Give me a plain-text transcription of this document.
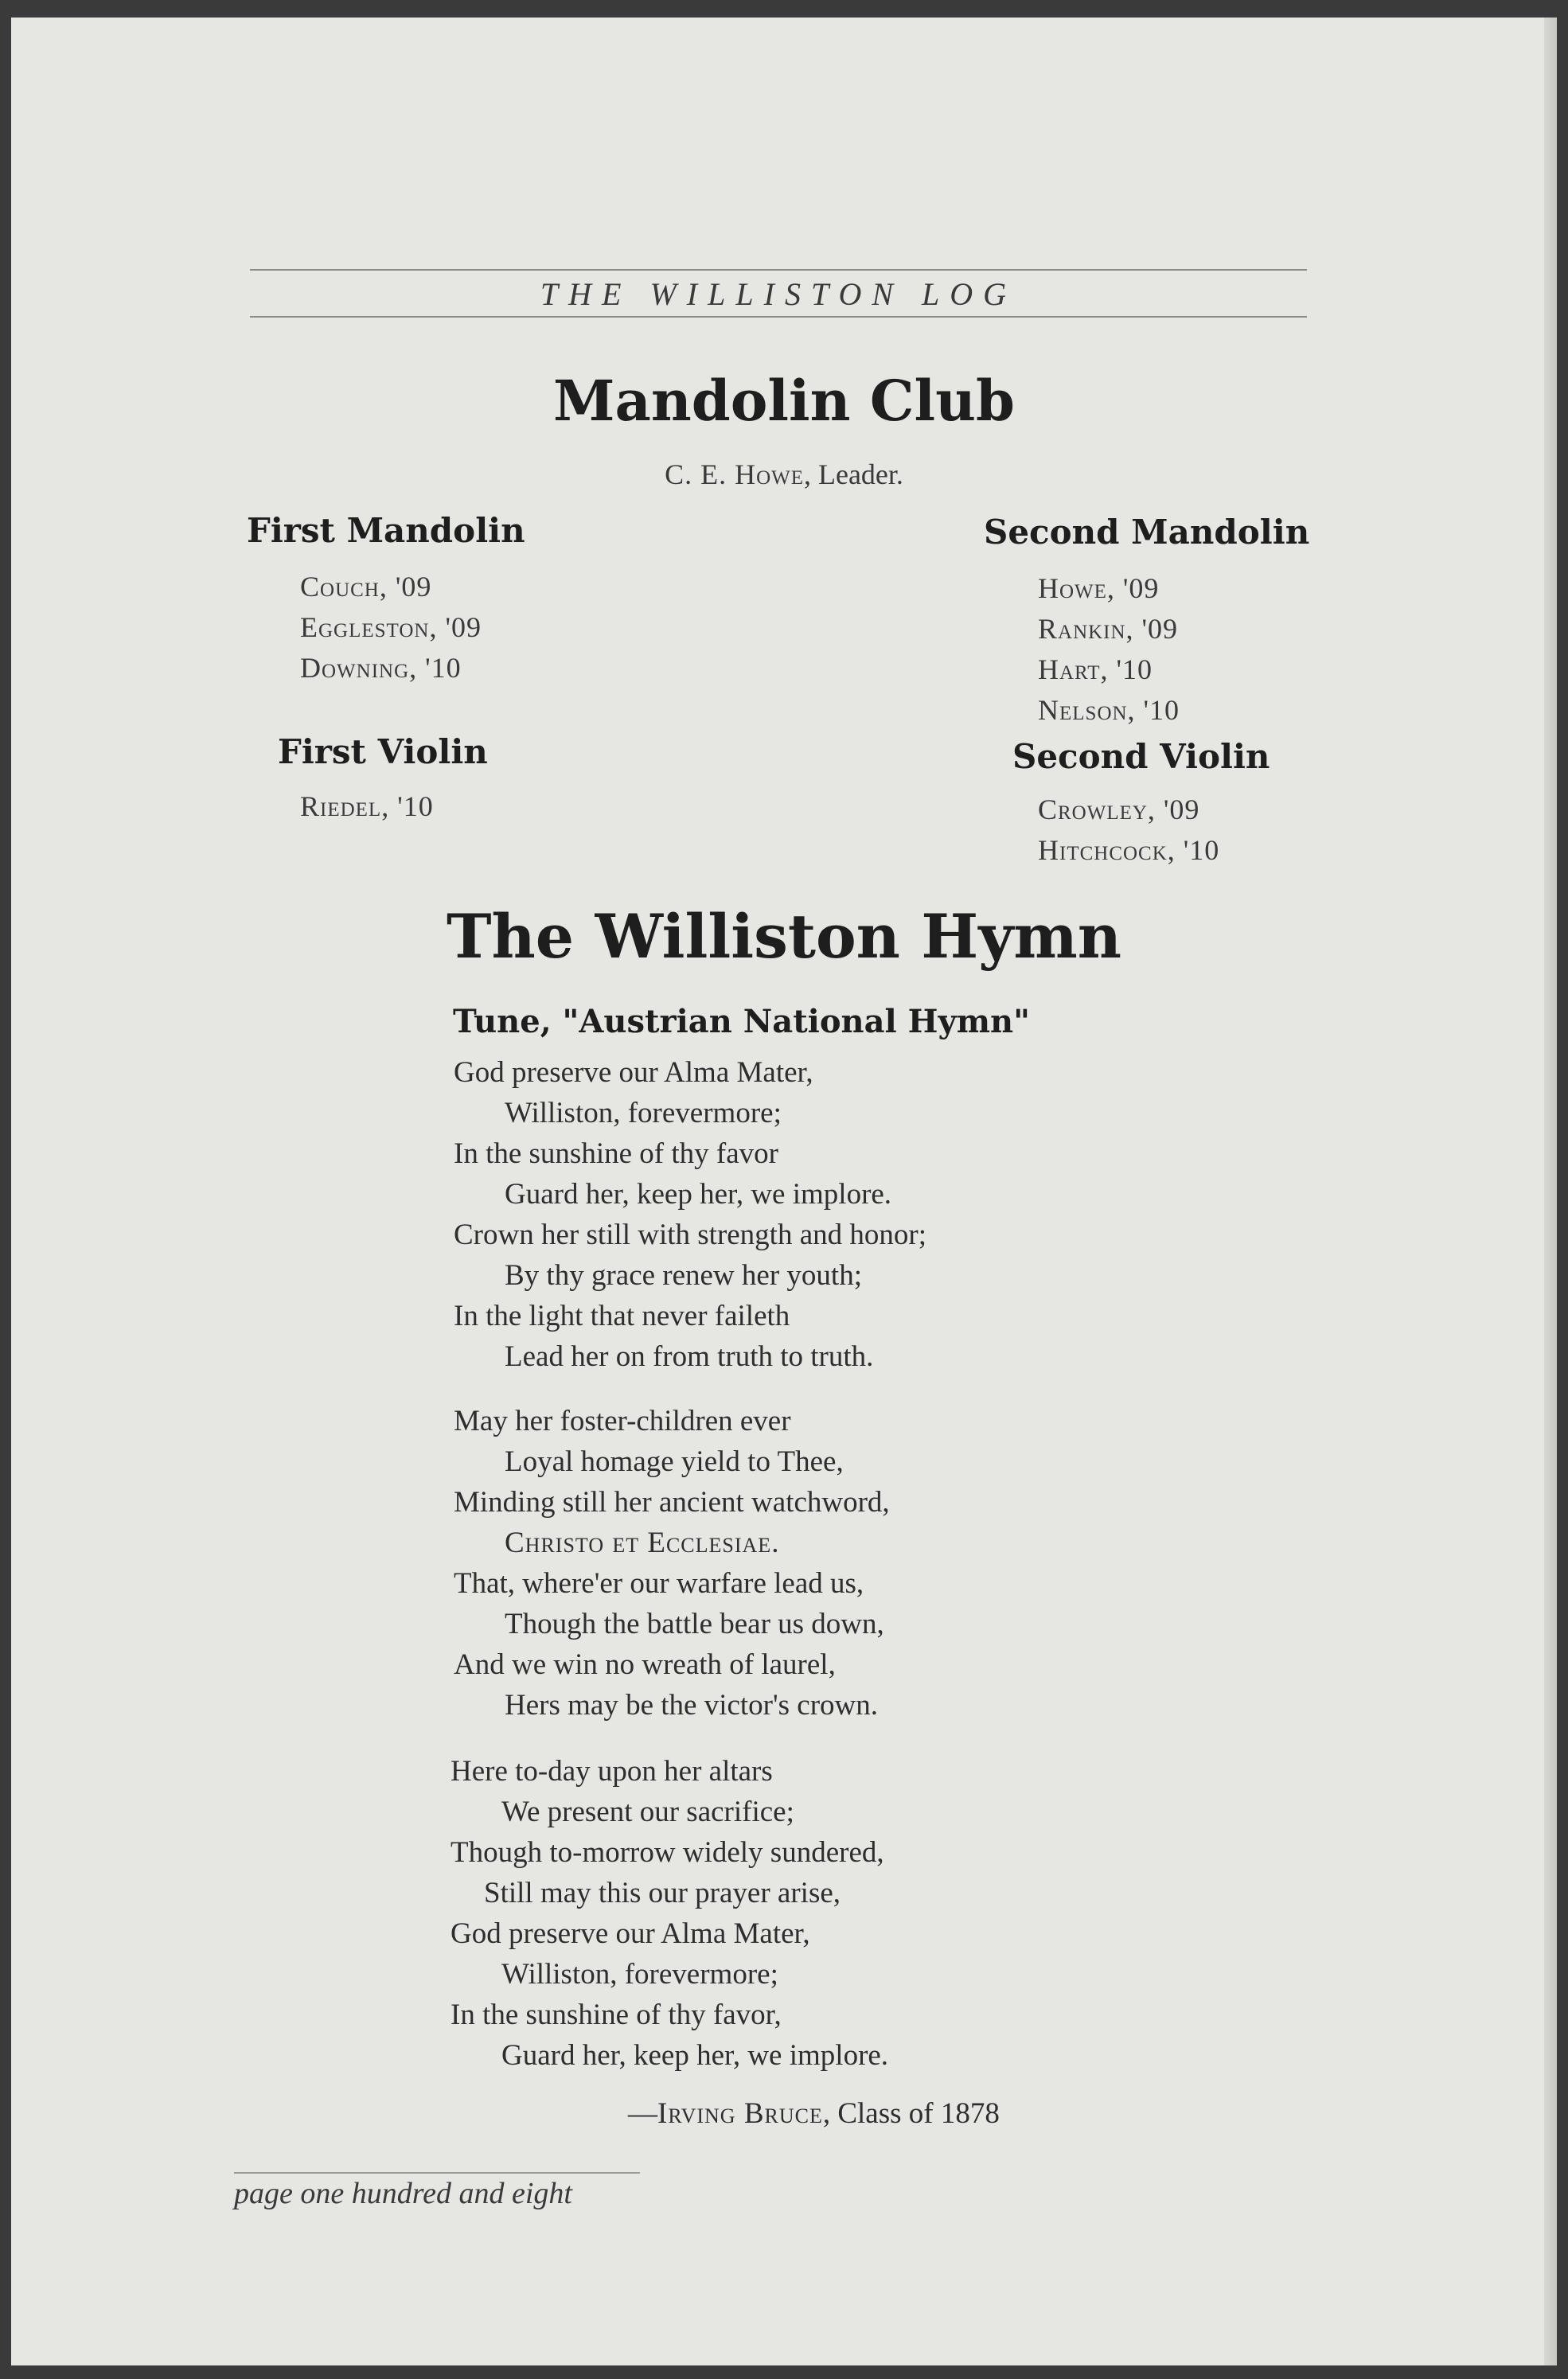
THE WILLISTON LOG
Mandolin Club
C. E. Howe, Leader.
First Mandolin
Couch, '09
Eggleston, '09
Downing, '10
Second Mandolin
Howe, '09
Rankin, '09
Hart, '10
Nelson, '10
First Violin
Riedel, '10
Second Violin
Crowley, '09
Hitchcock, '10
The Williston Hymn
Tune, "Austrian National Hymn"
God preserve our Alma Mater,
Williston, forevermore;
In the sunshine of thy favor
Guard her, keep her, we implore.
Crown her still with strength and honor;
By thy grace renew her youth;
In the light that never faileth
Lead her on from truth to truth.
May her foster-children ever
Loyal homage yield to Thee,
Minding still her ancient watchword,
Christo et Ecclesiae.
That, where'er our warfare lead us,
Though the battle bear us down,
And we win no wreath of laurel,
Hers may be the victor's crown.
Here to-day upon her altars
We present our sacrifice;
Though to-morrow widely sundered,
Still may this our prayer arise,
God preserve our Alma Mater,
Williston, forevermore;
In the sunshine of thy favor,
Guard her, keep her, we implore.
—Irving Bruce, Class of 1878
page one hundred and eight
